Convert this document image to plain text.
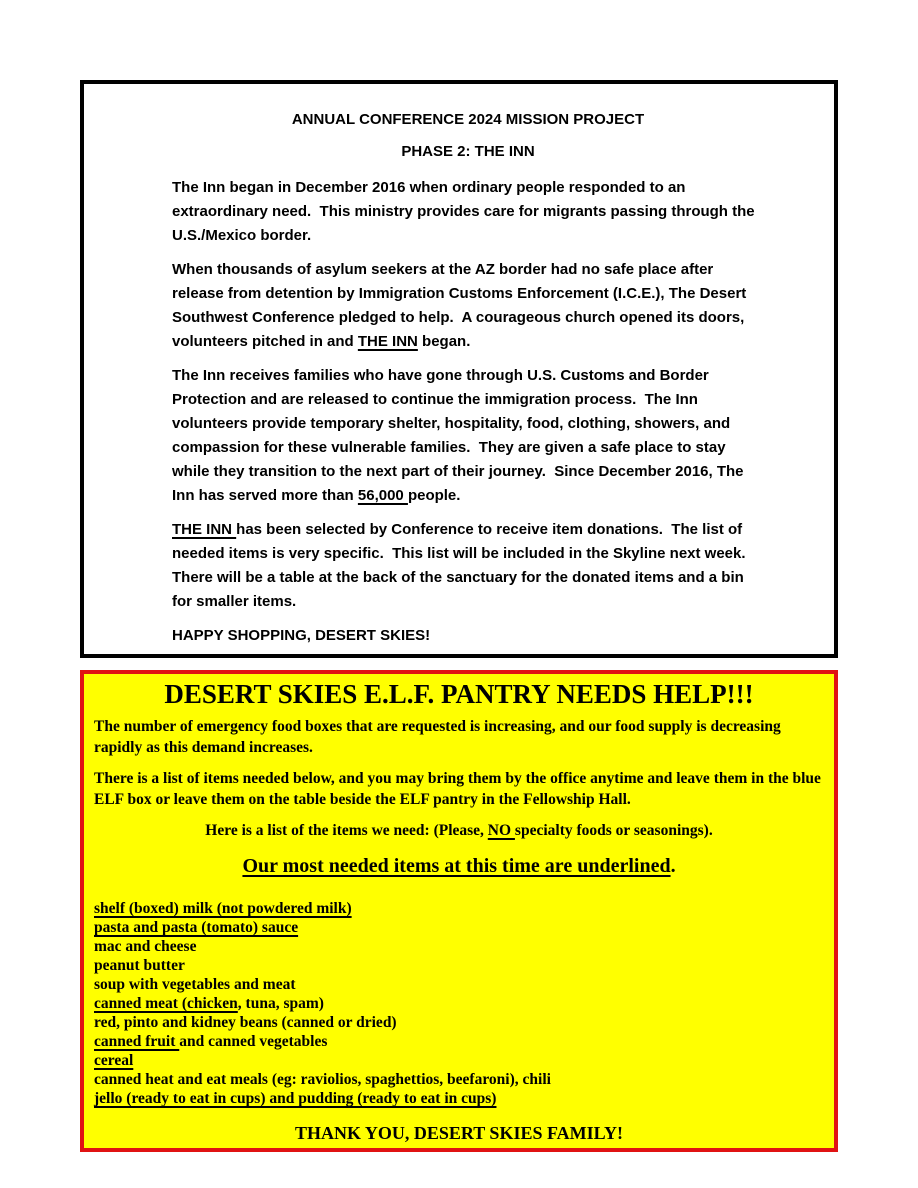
ANNUAL CONFERENCE 2024 MISSION PROJECT

PHASE 2: THE INN

The Inn began in December 2016 when ordinary people responded to an extraordinary need.  This ministry provides care for migrants passing through the U.S./Mexico border.

When thousands of asylum seekers at the AZ border had no safe place after release from detention by Immigration Customs Enforcement (I.C.E.), The Desert Southwest Conference pledged to help.  A courageous church opened its doors, volunteers pitched in and THE INN began.

The Inn receives families who have gone through U.S. Customs and Border Protection and are released to continue the immigration process.  The Inn volunteers provide temporary shelter, hospitality, food, clothing, showers, and compassion for these vulnerable families.  They are given a safe place to stay while they transition to the next part of their journey.  Since December 2016, The Inn has served more than 56,000 people.

THE INN has been selected by Conference to receive item donations.  The list of needed items is very specific.  This list will be included in the Skyline next week.  There will be a table at the back of the sanctuary for the donated items and a bin for smaller items.

HAPPY SHOPPING, DESERT SKIES!

DESERT SKIES E.L.F. PANTRY NEEDS HELP!!!

The number of emergency food boxes that are requested is increasing, and our food supply is decreasing rapidly as this demand increases.

There is a list of items needed below, and you may bring them by the office anytime and leave them in the blue ELF box or leave them on the table beside the ELF pantry in the Fellowship Hall.

Here is a list of the items we need: (Please, NO specialty foods or seasonings).

Our most needed items at this time are underlined.

shelf (boxed) milk (not powdered milk)

pasta and pasta (tomato) sauce

mac and cheese

peanut butter

soup with vegetables and meat

canned meat (chicken, tuna, spam)

red, pinto and kidney beans (canned or dried)

canned fruit and canned vegetables

cereal

canned heat and eat meals (eg: raviolios, spaghettios, beefaroni), chili

jello (ready to eat in cups) and pudding (ready to eat in cups)

THANK YOU, DESERT SKIES FAMILY!
